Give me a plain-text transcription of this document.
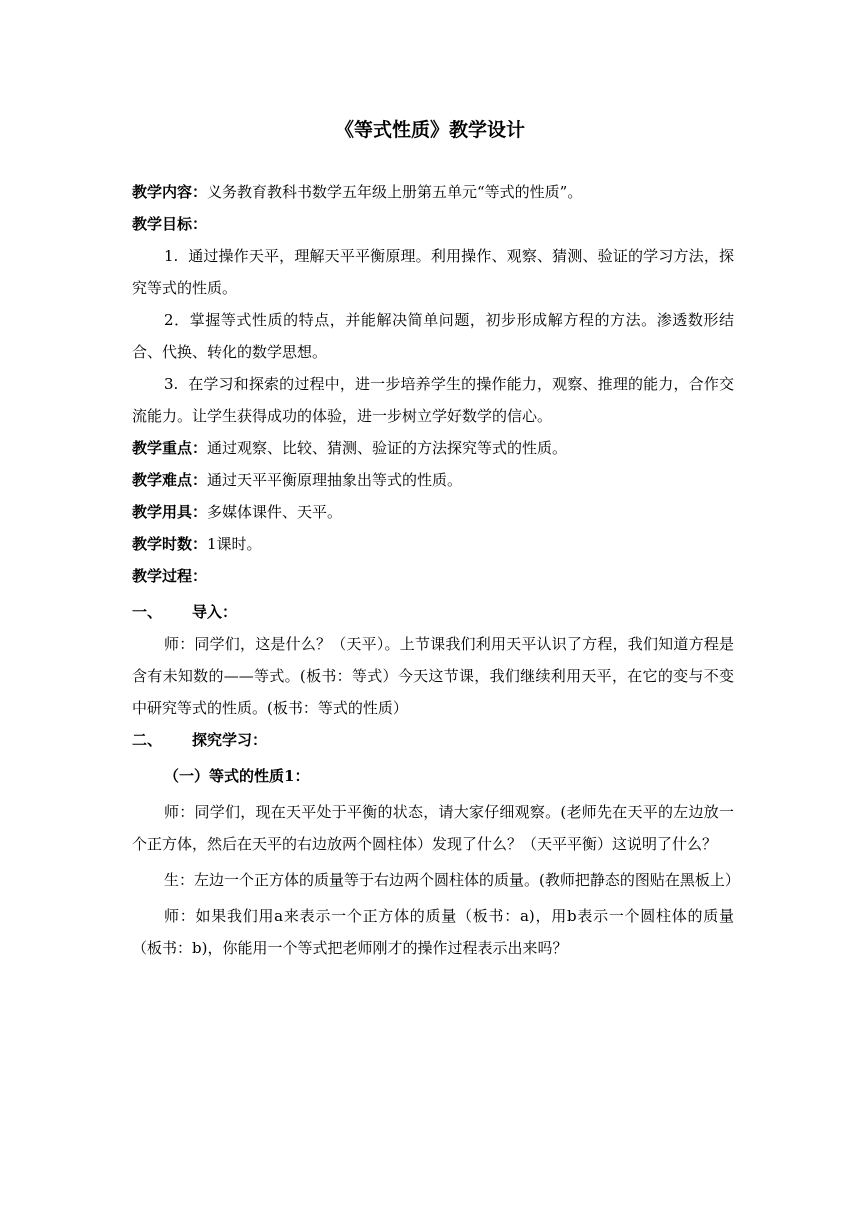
《等式性质》教学设计

教学内容：义务教育教科书数学五年级上册第五单元“等式的性质”。

教学目标：

1. 通过操作天平，理解天平平衡原理。利用操作、观察、猜测、验证的学习方法，探究等式的性质。

2．掌握等式性质的特点，并能解决简单问题，初步形成解方程的方法。渗透数形结合、代换、转化的数学思想。

3. 在学习和探索的过程中，进一步培养学生的操作能力，观察、推理的能力，合作交流能力。让学生获得成功的体验，进一步树立学好数学的信心。

教学重点：通过观察、比较、猜测、验证的方法探究等式的性质。

教学难点：通过天平平衡原理抽象出等式的性质。

教学用具：多媒体课件、天平。

教学时数：1课时。

教学过程：

一、 导入：

师：同学们，这是什么？（天平）。上节课我们利用天平认识了方程，我们知道方程是含有未知数的——等式。(板书：等式）今天这节课，我们继续利用天平，在它的变与不变中研究等式的性质。(板书：等式的性质）

二、 探究学习：

（一）等式的性质1：

师：同学们，现在天平处于平衡的状态，请大家仔细观察。(老师先在天平的左边放一个正方体，然后在天平的右边放两个圆柱体）发现了什么？（天平平衡）这说明了什么？

生：左边一个正方体的质量等于右边两个圆柱体的质量。(教师把静态的图贴在黑板上）

师：如果我们用a来表示一个正方体的质量（板书：a)，用b表示一个圆柱体的质量（板书：b)，你能用一个等式把老师刚才的操作过程表示出来吗？
